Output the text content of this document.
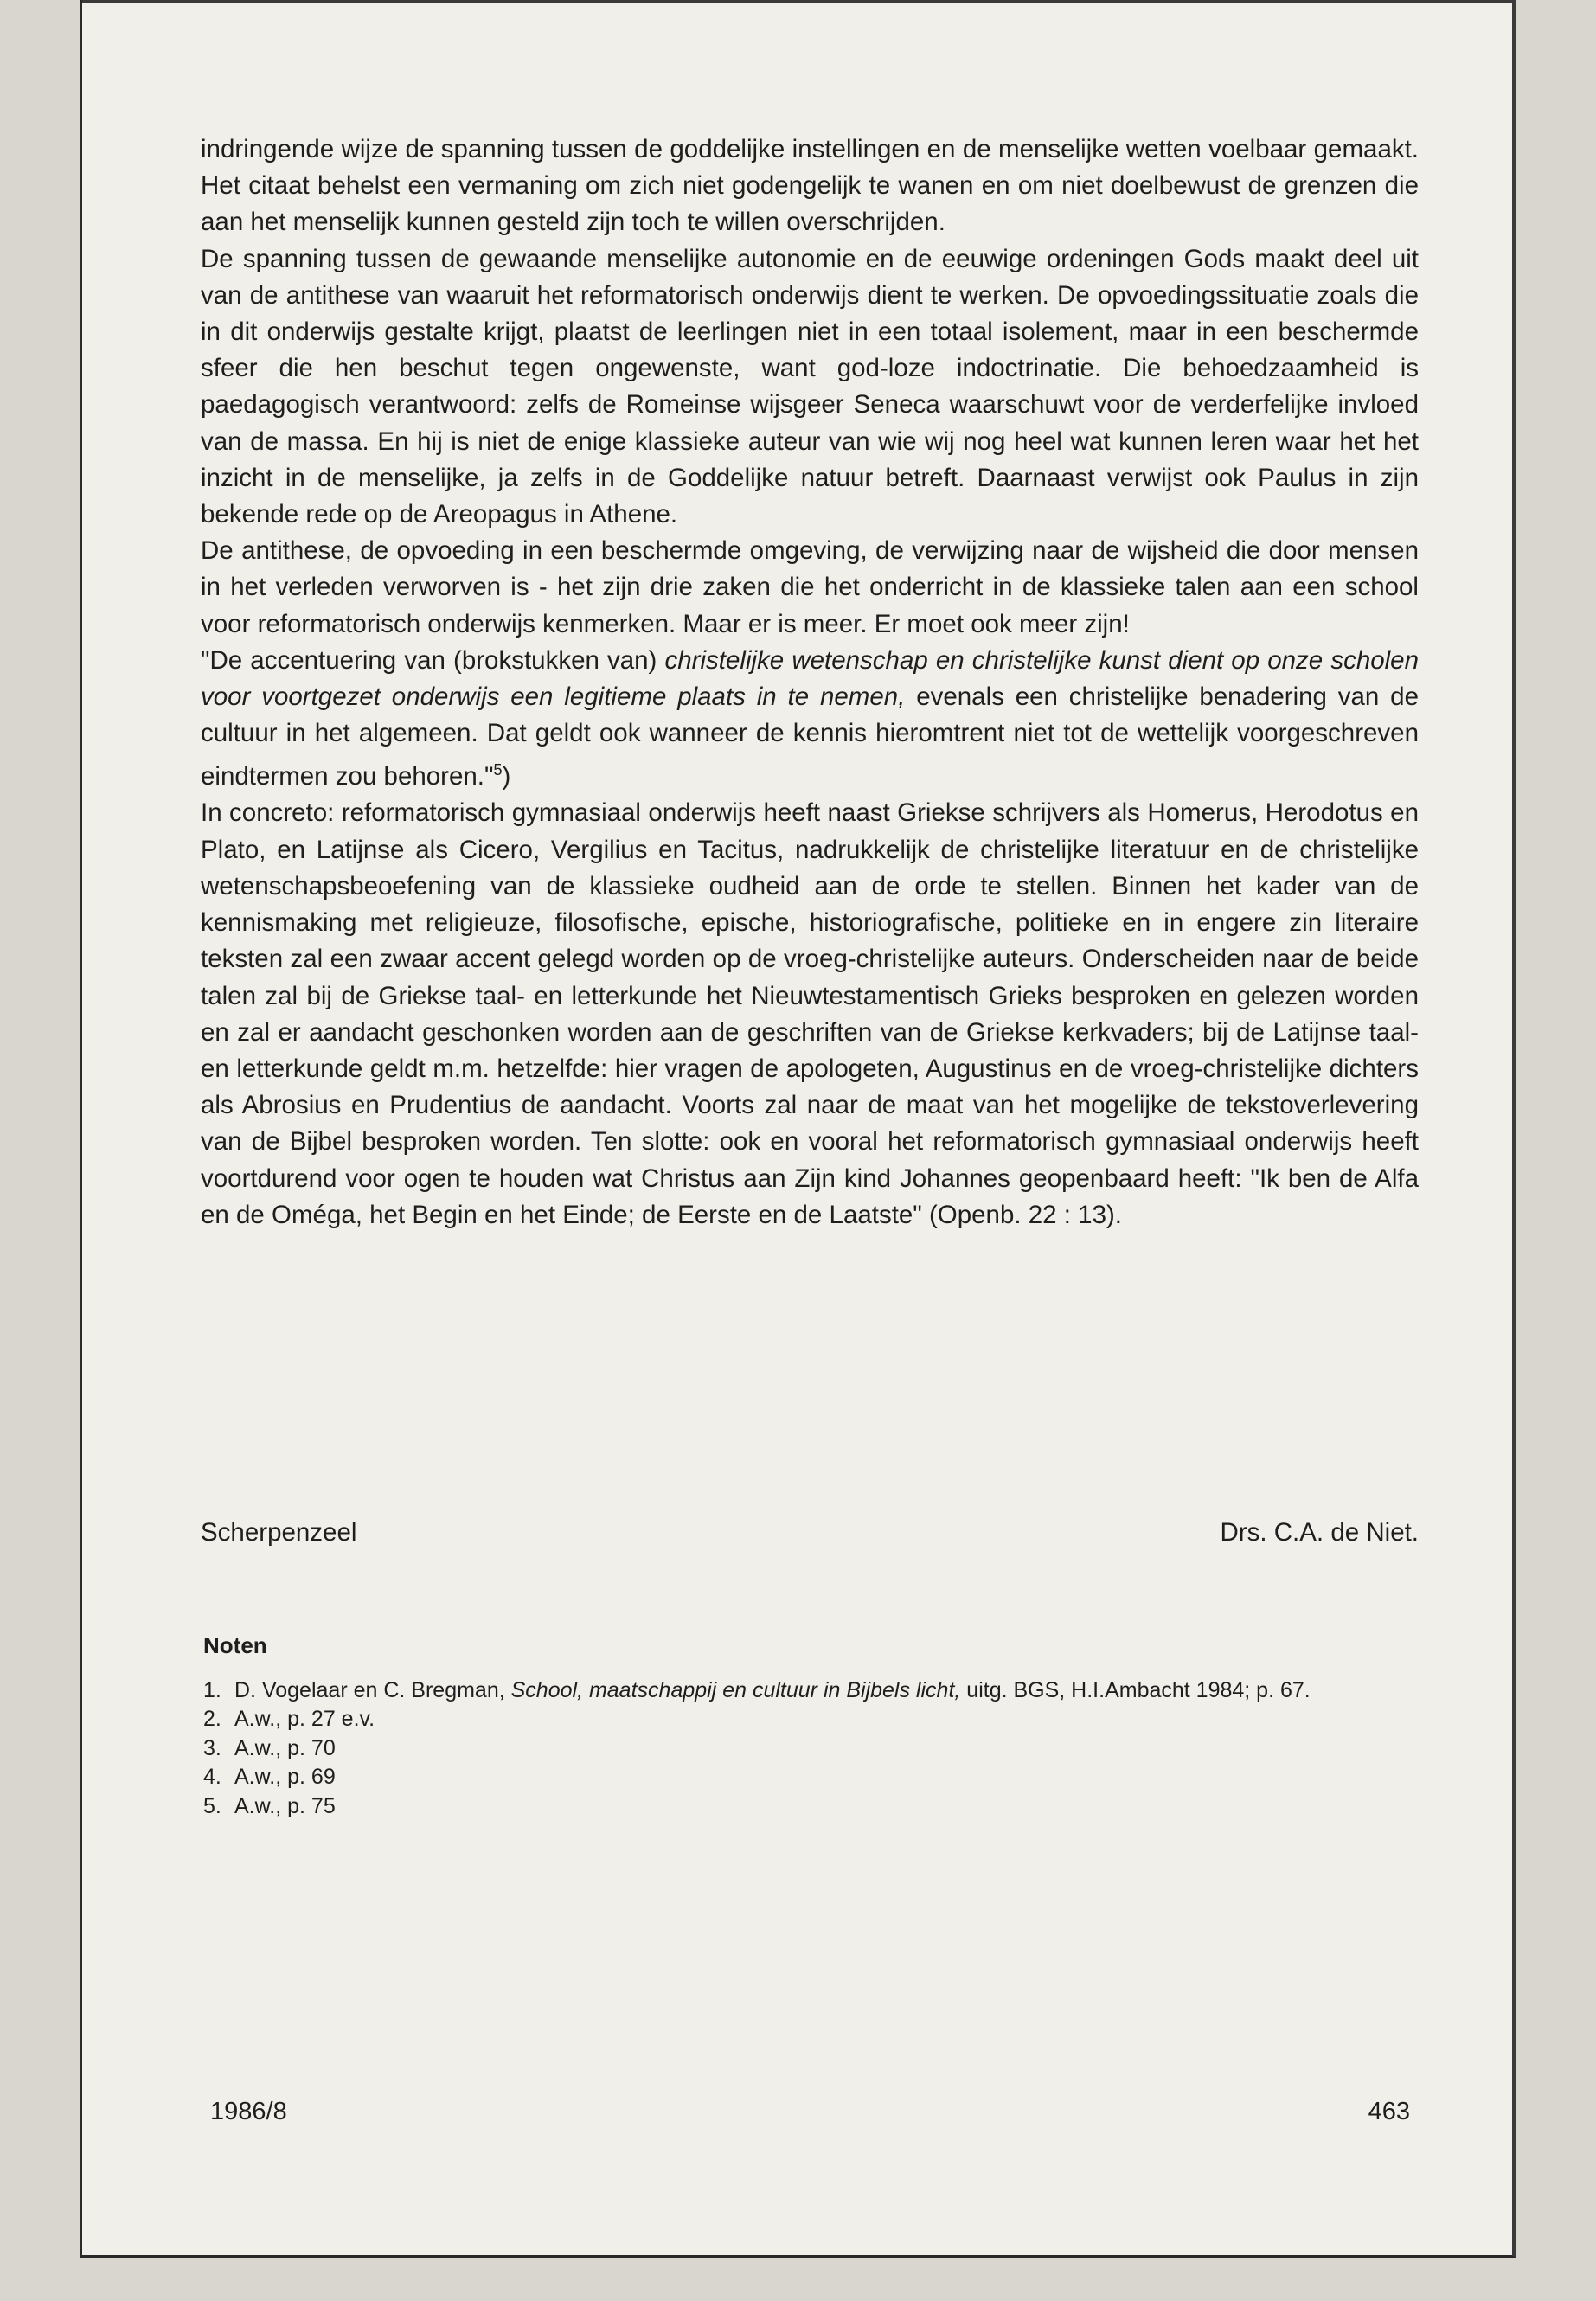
indringende wijze de spanning tussen de goddelijke instellingen en de menselijke wetten voelbaar gemaakt. Het citaat behelst een vermaning om zich niet godengelijk te wanen en om niet doelbewust de grenzen die aan het menselijk kunnen gesteld zijn toch te willen overschrijden.

De spanning tussen de gewaande menselijke autonomie en de eeuwige ordeningen Gods maakt deel uit van de antithese van waaruit het reformatorisch onderwijs dient te werken. De opvoedingssituatie zoals die in dit onderwijs gestalte krijgt, plaatst de leerlingen niet in een totaal isolement, maar in een beschermde sfeer die hen beschut tegen ongewenste, want god-loze indoctrinatie. Die behoedzaamheid is paedagogisch verantwoord: zelfs de Romeinse wijsgeer Seneca waarschuwt voor de verderfelijke invloed van de massa. En hij is niet de enige klassieke auteur van wie wij nog heel wat kunnen leren waar het het inzicht in de menselijke, ja zelfs in de Goddelijke natuur betreft. Daarnaast verwijst ook Paulus in zijn bekende rede op de Areopagus in Athene.

De antithese, de opvoeding in een beschermde omgeving, de verwijzing naar de wijsheid die door mensen in het verleden verworven is - het zijn drie zaken die het onderricht in de klassieke talen aan een school voor reformatorisch onderwijs kenmerken. Maar er is meer. Er moet ook meer zijn!

"De accentuering van (brokstukken van) christelijke wetenschap en christelijke kunst dient op onze scholen voor voortgezet onderwijs een legitieme plaats in te nemen, evenals een christelijke benadering van de cultuur in het algemeen. Dat geldt ook wanneer de kennis hieromtrent niet tot de wettelijk voorgeschreven eindtermen zou behoren."$^5$)

In concreto: reformatorisch gymnasiaal onderwijs heeft naast Griekse schrijvers als Homerus, Herodotus en Plato, en Latijnse als Cicero, Vergilius en Tacitus, nadrukkelijk de christelijke literatuur en de christelijke wetenschapsbeoefening van de klassieke oudheid aan de orde te stellen. Binnen het kader van de kennismaking met religieuze, filosofische, epische, historiografische, politieke en in engere zin literaire teksten zal een zwaar accent gelegd worden op de vroeg-christelijke auteurs. Onderscheiden naar de beide talen zal bij de Griekse taal- en letterkunde het Nieuwtestamentisch Grieks besproken en gelezen worden en zal er aandacht geschonken worden aan de geschriften van de Griekse kerkvaders; bij de Latijnse taal- en letterkunde geldt m.m. hetzelfde: hier vragen de apologeten, Augustinus en de vroeg-christelijke dichters als Abrosius en Prudentius de aandacht. Voorts zal naar de maat van het mogelijke de tekstoverlevering van de Bijbel besproken worden. Ten slotte: ook en vooral het reformatorisch gymnasiaal onderwijs heeft voortdurend voor ogen te houden wat Christus aan Zijn kind Johannes geopenbaard heeft: "Ik ben de Alfa en de Oméga, het Begin en het Einde; de Eerste en de Laatste" (Openb. 22 : 13).

Scherpenzeel	Drs. C.A. de Niet.
Noten
1. D. Vogelaar en C. Bregman, School, maatschappij en cultuur in Bijbels licht, uitg. BGS, H.I.Ambacht 1984; p. 67.
2. A.w., p. 27 e.v.
3. A.w., p. 70
4. A.w., p. 69
5. A.w., p. 75
1986/8	463
